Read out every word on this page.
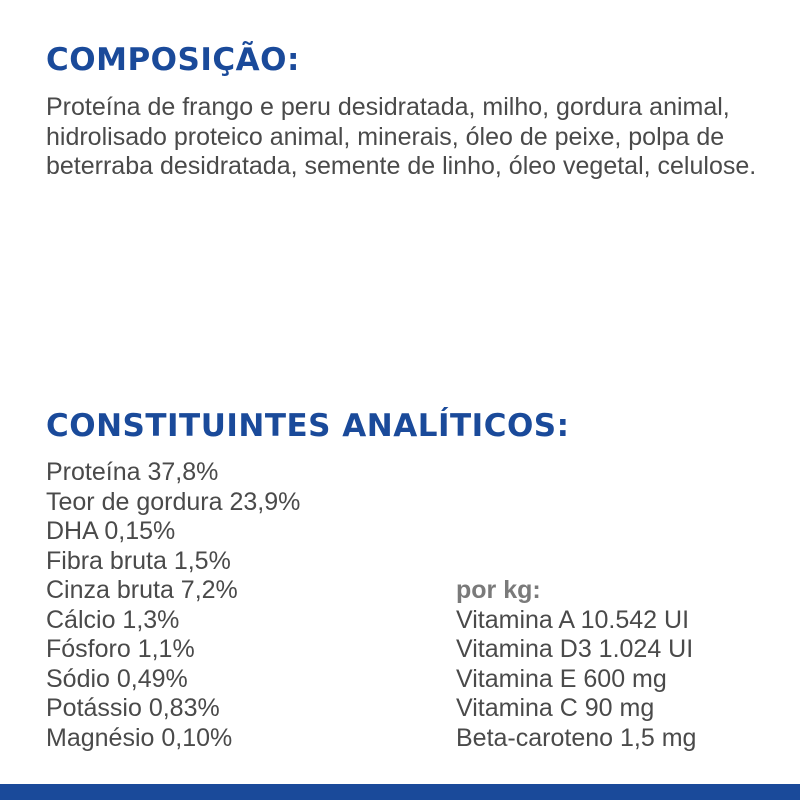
COMPOSIÇÃO:

Proteína de frango e peru desidratada, milho, gordura animal, hidrolisado proteico animal, minerais, óleo de peixe, polpa de beterraba desidratada, semente de linho, óleo vegetal, celulose.

CONSTITUINTES ANALÍTICOS:
Proteína 37,8%
Teor de gordura 23,9%
DHA 0,15%
Fibra bruta 1,5%
Cinza bruta 7,2%
Cálcio 1,3%
Fósforo 1,1%
Sódio 0,49%
Potássio 0,83%
Magnésio 0,10%
por kg:
Vitamina A 10.542 UI
Vitamina D3 1.024 UI
Vitamina E 600 mg
Vitamina C 90 mg
Beta-caroteno 1,5 mg
